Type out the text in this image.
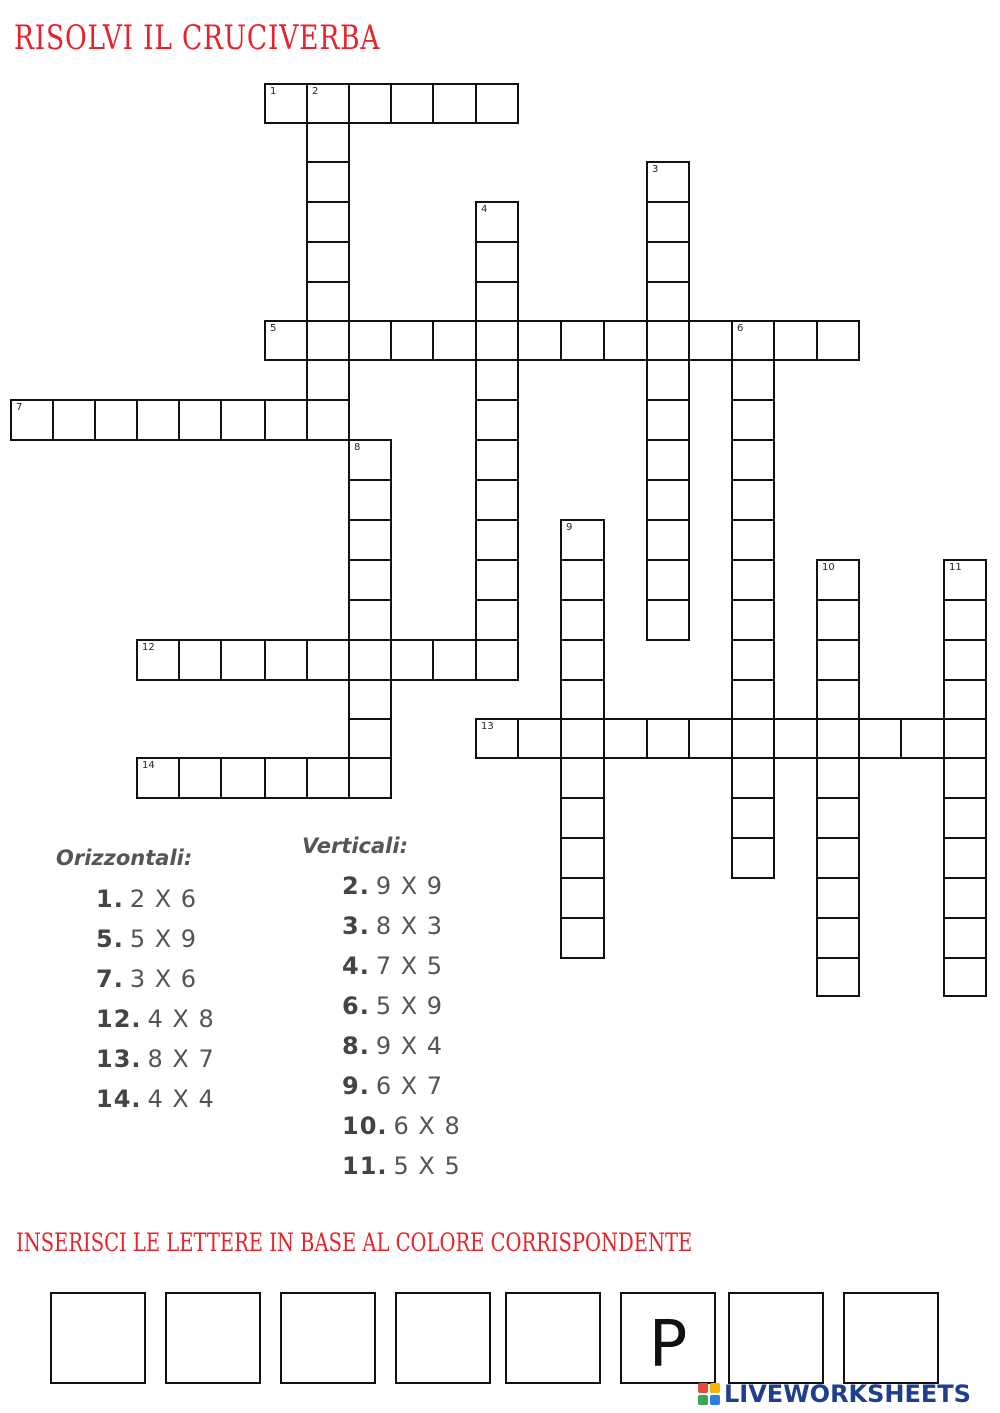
RISOLVI IL CRUCIVERBA
1	2
3
4
5	6
7
8
9
10	11
12
13
14
Orizzontali:	Verticali:
1. 2 X 6
5. 5 X 9
7. 3 X 6
12. 4 X 8
13. 8 X 7
14. 4 X 4
2. 9 X 9
3. 8 X 3
4. 7 X 5
6. 5 X 9
8. 9 X 4
9. 6 X 7
10. 6 X 8
11. 5 X 5
INSERISCI LE LETTERE IN BASE AL COLORE CORRISPONDENTE
P
LIVEWORKSHEETS
